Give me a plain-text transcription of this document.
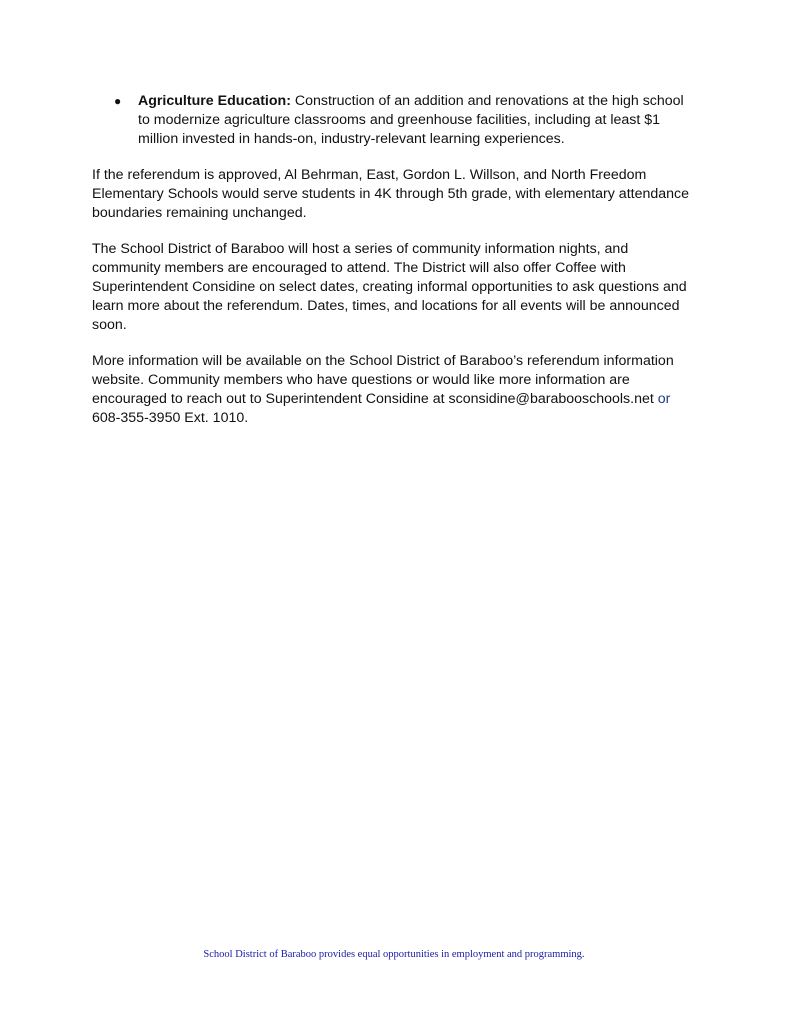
● Agriculture Education: Construction of an addition and renovations at the high school to modernize agriculture classrooms and greenhouse facilities, including at least $1 million invested in hands-on, industry-relevant learning experiences.

If the referendum is approved, Al Behrman, East, Gordon L. Willson, and North Freedom Elementary Schools would serve students in 4K through 5th grade, with elementary attendance boundaries remaining unchanged.

The School District of Baraboo will host a series of community information nights, and community members are encouraged to attend. The District will also offer Coffee with Superintendent Considine on select dates, creating informal opportunities to ask questions and learn more about the referendum. Dates, times, and locations for all events will be announced soon.

More information will be available on the School District of Baraboo’s referendum information website. Community members who have questions or would like more information are encouraged to reach out to Superintendent Considine at sconsidine@barabooschools.net or 608-355-3950 Ext. 1010.

School District of Baraboo provides equal opportunities in employment and programming.
